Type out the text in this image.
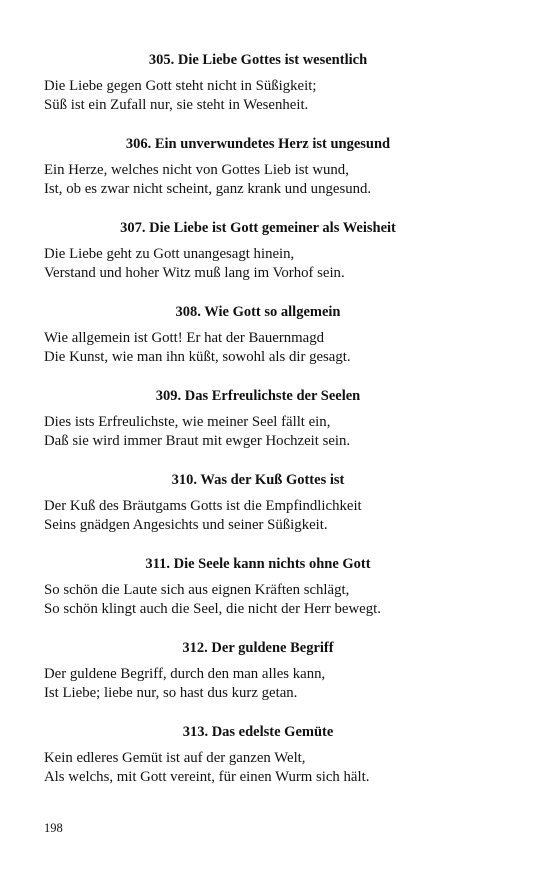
305. Die Liebe Gottes ist wesentlich

Die Liebe gegen Gott steht nicht in Süßigkeit;
Süß ist ein Zufall nur, sie steht in Wesenheit.

306. Ein unverwundetes Herz ist ungesund

Ein Herze, welches nicht von Gottes Lieb ist wund,
Ist, ob es zwar nicht scheint, ganz krank und ungesund.

307. Die Liebe ist Gott gemeiner als Weisheit

Die Liebe geht zu Gott unangesagt hinein,
Verstand und hoher Witz muß lang im Vorhof sein.

308. Wie Gott so allgemein

Wie allgemein ist Gott! Er hat der Bauernmagd
Die Kunst, wie man ihn küßt, sowohl als dir gesagt.

309. Das Erfreulichste der Seelen

Dies ists Erfreulichste, wie meiner Seel fällt ein,
Daß sie wird immer Braut mit ewger Hochzeit sein.

310. Was der Kuß Gottes ist

Der Kuß des Bräutgams Gotts ist die Empfindlichkeit
Seins gnädgen Angesichts und seiner Süßigkeit.

311. Die Seele kann nichts ohne Gott

So schön die Laute sich aus eignen Kräften schlägt,
So schön klingt auch die Seel, die nicht der Herr bewegt.

312. Der guldene Begriff

Der guldene Begriff, durch den man alles kann,
Ist Liebe; liebe nur, so hast dus kurz getan.

313. Das edelste Gemüte

Kein edleres Gemüt ist auf der ganzen Welt,
Als welchs, mit Gott vereint, für einen Wurm sich hält.

198
